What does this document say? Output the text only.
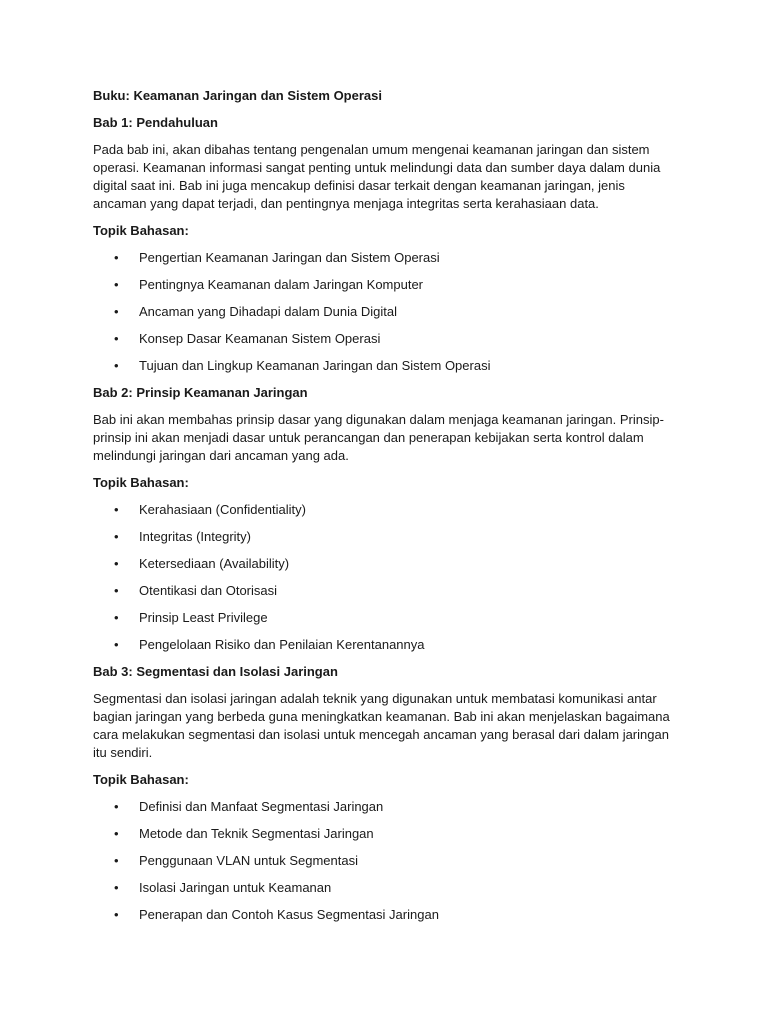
Buku: Keamanan Jaringan dan Sistem Operasi

Bab 1: Pendahuluan

Pada bab ini, akan dibahas tentang pengenalan umum mengenai keamanan jaringan dan sistem operasi. Keamanan informasi sangat penting untuk melindungi data dan sumber daya dalam dunia digital saat ini. Bab ini juga mencakup definisi dasar terkait dengan keamanan jaringan, jenis ancaman yang dapat terjadi, dan pentingnya menjaga integritas serta kerahasiaan data.

Topik Bahasan:

• Pengertian Keamanan Jaringan dan Sistem Operasi
• Pentingnya Keamanan dalam Jaringan Komputer
• Ancaman yang Dihadapi dalam Dunia Digital
• Konsep Dasar Keamanan Sistem Operasi
• Tujuan dan Lingkup Keamanan Jaringan dan Sistem Operasi

Bab 2: Prinsip Keamanan Jaringan

Bab ini akan membahas prinsip dasar yang digunakan dalam menjaga keamanan jaringan. Prinsip-prinsip ini akan menjadi dasar untuk perancangan dan penerapan kebijakan serta kontrol dalam melindungi jaringan dari ancaman yang ada.

Topik Bahasan:

• Kerahasiaan (Confidentiality)
• Integritas (Integrity)
• Ketersediaan (Availability)
• Otentikasi dan Otorisasi
• Prinsip Least Privilege
• Pengelolaan Risiko dan Penilaian Kerentanannya

Bab 3: Segmentasi dan Isolasi Jaringan

Segmentasi dan isolasi jaringan adalah teknik yang digunakan untuk membatasi komunikasi antar bagian jaringan yang berbeda guna meningkatkan keamanan. Bab ini akan menjelaskan bagaimana cara melakukan segmentasi dan isolasi untuk mencegah ancaman yang berasal dari dalam jaringan itu sendiri.

Topik Bahasan:

• Definisi dan Manfaat Segmentasi Jaringan
• Metode dan Teknik Segmentasi Jaringan
• Penggunaan VLAN untuk Segmentasi
• Isolasi Jaringan untuk Keamanan
• Penerapan dan Contoh Kasus Segmentasi Jaringan
